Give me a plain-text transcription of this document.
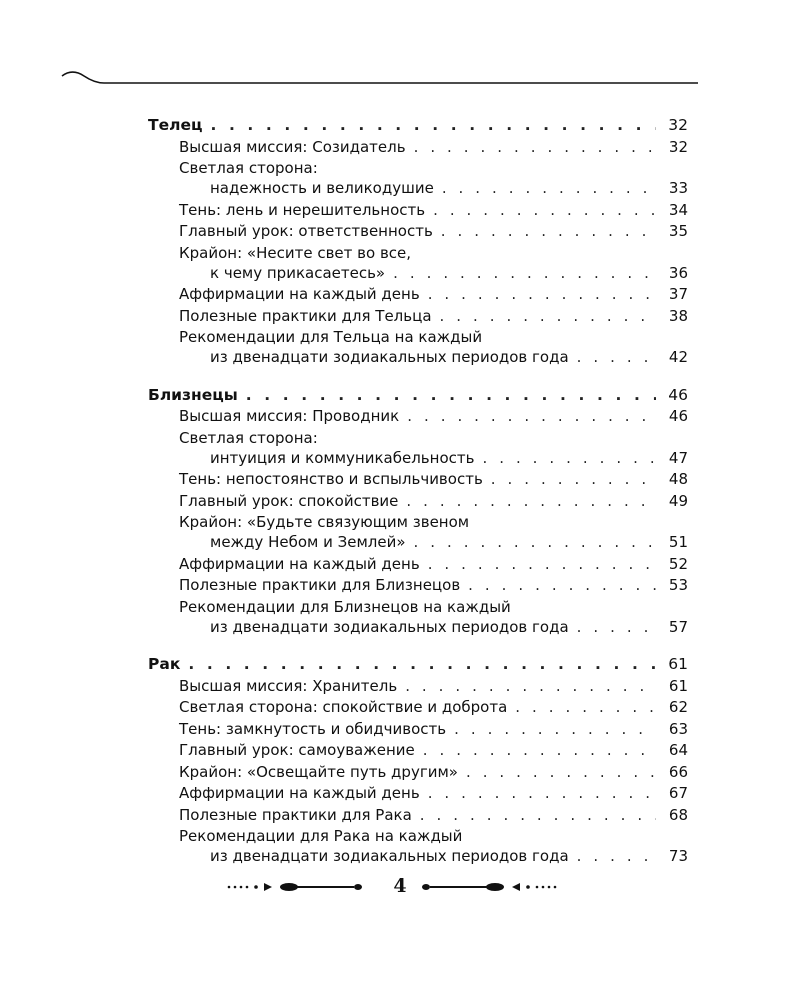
Телец . . .	32
Высшая миссия: Созидатель . . .	32
Светлая сторона:
надежность и великодушие . . .	33
Тень: лень и нерешительность . . .	34
Главный урок: ответственность . . .	35
Крайон: «Несите свет во все,
к чему прикасаетесь» . . .	36
Аффирмации на каждый день . . .	37
Полезные практики для Тельца . . .	38
Рекомендации для Тельца на каждый
из двенадцати зодиакальных периодов года . . .	42
Близнецы . . .	46
Высшая миссия: Проводник . . .	46
Светлая сторона:
интуиция и коммуникабельность . . .	47
Тень: непостоянство и вспыльчивость . . .	48
Главный урок: спокойствие . . .	49
Крайон: «Будьте связующим звеном
между Небом и Землей» . . .	51
Аффирмации на каждый день . . .	52
Полезные практики для Близнецов . . .	53
Рекомендации для Близнецов на каждый
из двенадцати зодиакальных периодов года . . .	57
Рак . . .	61
Высшая миссия: Хранитель . . .	61
Светлая сторона: спокойствие и доброта . . .	62
Тень: замкнутость и обидчивость . . .	63
Главный урок: самоуважение . . .	64
Крайон: «Освещайте путь другим» . . .	66
Аффирмации на каждый день . . .	67
Полезные практики для Рака . . .	68
Рекомендации для Рака на каждый
из двенадцати зодиакальных периодов года . . .	73
4
